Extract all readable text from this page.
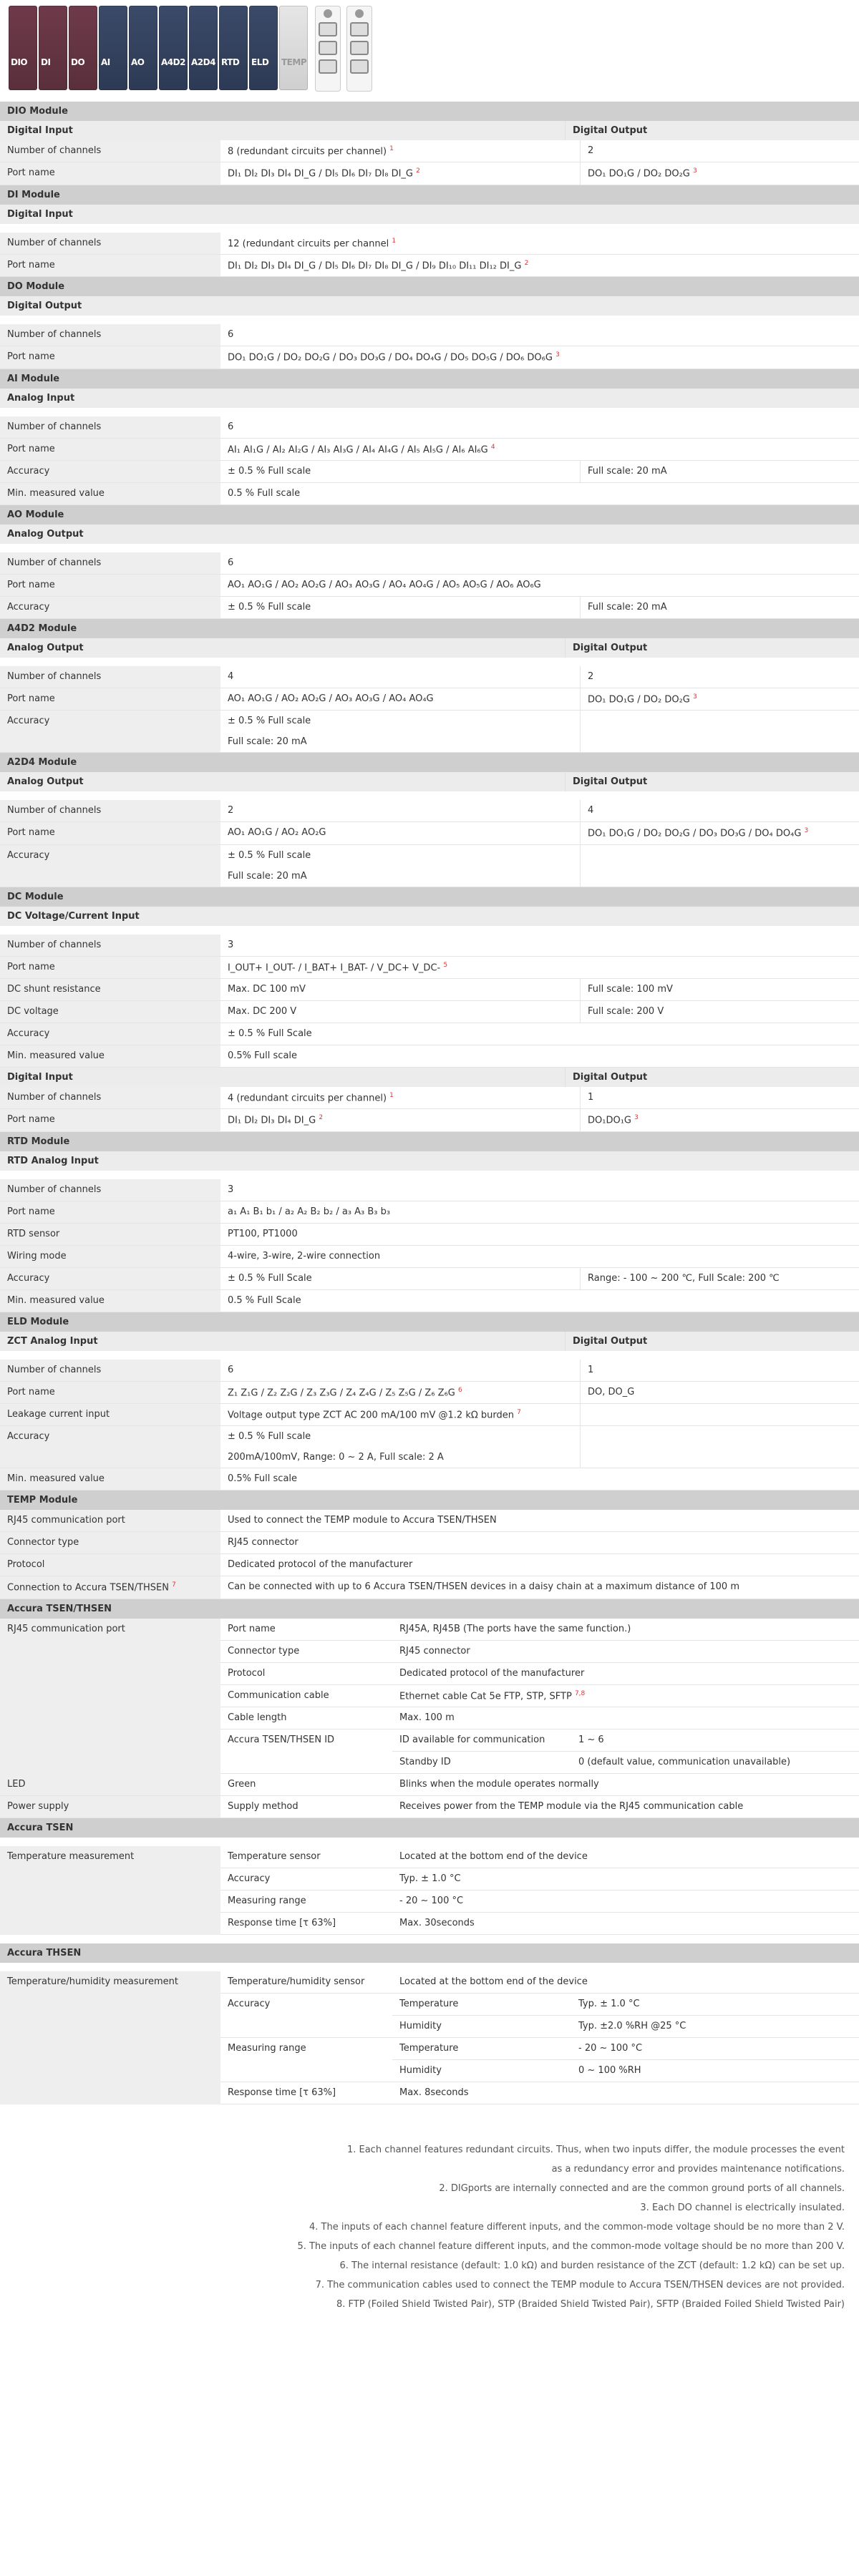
DIO DI DO AI AO A4D2 A2D4 RTD ELD TEMP
DIO Module
Digital Input	Digital Output
Number of channels	8 (redundant circuits per channel) $^1$	2
Port name	DI₁ DI₂ DI₃ DI₄ DI_G / DI₅ DI₆ DI₇ DI₈ DI_G $^2$	DO₁ DO₁G / DO₂ DO₂G $^3$
DI Module
Digital Input
Number of channels	12 (redundant circuits per channel $^1$
Port name	DI₁ DI₂ DI₃ DI₄ DI_G / DI₅ DI₆ DI₇ DI₈ DI_G / DI₉ DI₁₀ DI₁₁ DI₁₂ DI_G $^2$
DO Module
Digital Output
Number of channels	6
Port name	DO₁ DO₁G / DO₂ DO₂G / DO₃ DO₃G / DO₄ DO₄G / DO₅ DO₅G / DO₆ DO₆G $^3$
AI Module
Analog Input
Number of channels	6
Port name	AI₁ AI₁G / AI₂ AI₂G / AI₃ AI₃G / AI₄ AI₄G / AI₅ AI₅G / AI₆ AI₆G $^4$
Accuracy	± 0.5 % Full scale	Full scale: 20 mA
Min. measured value	0.5 % Full scale
AO Module
Analog Output
Number of channels	6
Port name	AO₁ AO₁G / AO₂ AO₂G / AO₃ AO₃G / AO₄ AO₄G / AO₅ AO₅G / AO₆ AO₆G
Accuracy	± 0.5 % Full scale	Full scale: 20 mA
A4D2 Module
Analog Output	Digital Output
Number of channels	4	2
Port name	AO₁ AO₁G / AO₂ AO₂G / AO₃ AO₃G / AO₄ AO₄G	DO₁ DO₁G / DO₂ DO₂G $^3$
Accuracy	± 0.5 % Full scale
Full scale: 20 mA
A2D4 Module
Analog Output	Digital Output
Number of channels	2	4
Port name	AO₁ AO₁G / AO₂ AO₂G	DO₁ DO₁G / DO₂ DO₂G / DO₃ DO₃G / DO₄ DO₄G $^3$
Accuracy	± 0.5 % Full scale
Full scale: 20 mA
DC Module
DC Voltage/Current Input
Number of channels	3
Port name	I_OUT+ I_OUT- / I_BAT+ I_BAT- / V_DC+ V_DC- $^5$
DC shunt resistance	Max. DC 100 mV	Full scale: 100 mV
DC voltage	Max. DC 200 V	Full scale: 200 V
Accuracy	± 0.5 % Full Scale
Min. measured value	0.5% Full scale
Digital Input	Digital Output
Number of channels	4 (redundant circuits per channel) $^1$	1
Port name	DI₁ DI₂ DI₃ DI₄ DI_G $^2$	DO₁DO₁G $^3$
RTD Module
RTD Analog Input
Number of channels	3
Port name	a₁ A₁ B₁ b₁ / a₂ A₂ B₂ b₂ / a₃ A₃ B₃ b₃
RTD sensor	PT100, PT1000
Wiring mode	4-wire, 3-wire, 2-wire connection
Accuracy	± 0.5 % Full Scale	Range: - 100 ~ 200 ℃, Full Scale: 200 ℃
Min. measured value	0.5 % Full Scale
ELD Module
ZCT Analog Input	Digital Output
Number of channels	6	1
Port name	Z₁ Z₁G / Z₂ Z₂G / Z₃ Z₃G / Z₄ Z₄G / Z₅ Z₅G / Z₆ Z₆G $^6$	DO, DO_G
Leakage current input	Voltage output type ZCT AC 200 mA/100 mV @1.2 kΩ burden $^7$
Accuracy	± 0.5 % Full scale
200mA/100mV, Range: 0 ~ 2 A, Full scale: 2 A
Min. measured value	0.5% Full scale
TEMP Module
RJ45 communication port	Used to connect the TEMP module to Accura TSEN/THSEN
Connector type	RJ45 connector
Protocol	Dedicated protocol of the manufacturer
Connection to Accura TSEN/THSEN $^7$	Can be connected with up to 6 Accura TSEN/THSEN devices in a daisy chain at a maximum distance of 100 m
Accura TSEN/THSEN
RJ45 communication port	Port name	RJ45A, RJ45B (The ports have the same function.)
Connector type	RJ45 connector
Protocol	Dedicated protocol of the manufacturer
Communication cable	Ethernet cable Cat 5e FTP, STP, SFTP $^{7,8}$
Cable length	Max. 100 m
Accura TSEN/THSEN ID	ID available for communication	1 ~ 6
Standby ID	0 (default value, communication unavailable)
LED	Green	Blinks when the module operates normally
Power supply	Supply method	Receives power from the TEMP module via the RJ45 communication cable
Accura TSEN
Temperature measurement	Temperature sensor	Located at the bottom end of the device
Accuracy	Typ. ± 1.0 °C
Measuring range	- 20 ~ 100 °C
Response time [τ 63%]	Max. 30seconds
Accura THSEN
Temperature/humidity measurement	Temperature/humidity sensor	Located at the bottom end of the device
Accuracy	Temperature	Typ. ± 1.0 °C
Humidity	Typ. ±2.0 %RH @25 °C
Measuring range	Temperature	- 20 ~ 100 °C
Humidity	0 ~ 100 %RH
Response time [τ 63%]	Max. 8seconds
1. Each channel features redundant circuits. Thus, when two inputs differ, the module processes the event
as a redundancy error and provides maintenance notifications.
2. DIGports are internally connected and are the common ground ports of all channels.
3. Each DO channel is electrically insulated.
4. The inputs of each channel feature different inputs, and the common-mode voltage should be no more than 2 V.
5. The inputs of each channel feature different inputs, and the common-mode voltage should be no more than 200 V.
6. The internal resistance (default: 1.0 kΩ) and burden resistance of the ZCT (default: 1.2 kΩ) can be set up.
7. The communication cables used to connect the TEMP module to Accura TSEN/THSEN devices are not provided.
8. FTP (Foiled Shield Twisted Pair), STP (Braided Shield Twisted Pair), SFTP (Braided Foiled Shield Twisted Pair)
